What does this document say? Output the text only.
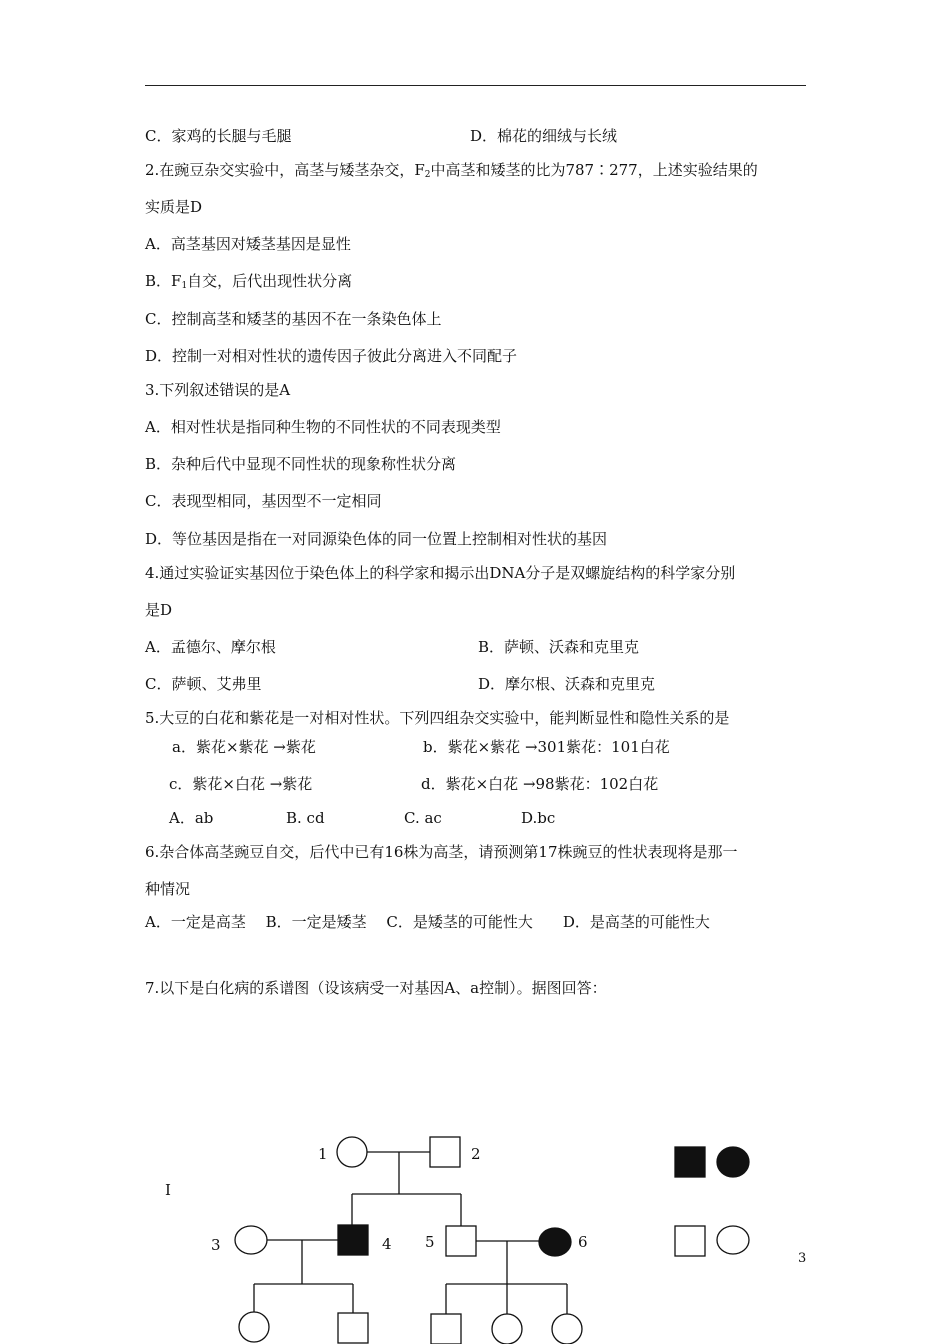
C．家鸡的长腿与毛腿	D．棉花的细绒与长绒
2.在豌豆杂交实验中，高茎与矮茎杂交，$F_2$中高茎和矮茎的比为787∶277，上述实验结果的
实质是D
A．高茎基因对矮茎基因是显性
B．$F_1$自交，后代出现性状分离
C．控制高茎和矮茎的基因不在一条染色体上
D．控制一对相对性状的遗传因子彼此分离进入不同配子
3.下列叙述错误的是A
A．相对性状是指同种生物的不同性状的不同表现类型
B．杂种后代中显现不同性状的现象称性状分离
C．表现型相同，基因型不一定相同
D．等位基因是指在一对同源染色体的同一位置上控制相对性状的基因
4.通过实验证实基因位于染色体上的科学家和揭示出DNA分子是双螺旋结构的科学家分别
是D
A．孟德尔、摩尔根	B．萨顿、沃森和克里克
C．萨顿、艾弗里	D．摩尔根、沃森和克里克
5.大豆的白花和紫花是一对相对性状。下列四组杂交实验中，能判断显性和隐性关系的是
a．紫花×紫花 →紫花	b．紫花×紫花 →301紫花：101白花
c．紫花×白花 →紫花	d．紫花×白花 →98紫花：102白花
A．ab	B. cd	C. ac	D.bc
6.杂合体高茎豌豆自交，后代中已有16株为高茎，请预测第17株豌豆的性状表现将是那一
种情况
A．一定是高茎　 B．一定是矮茎　 C．是矮茎的可能性大　　D．是高茎的可能性大
7.以下是白化病的系谱图（设该病受一对基因A、a控制）。据图回答：
I
1	2
3	4 5	6
3
